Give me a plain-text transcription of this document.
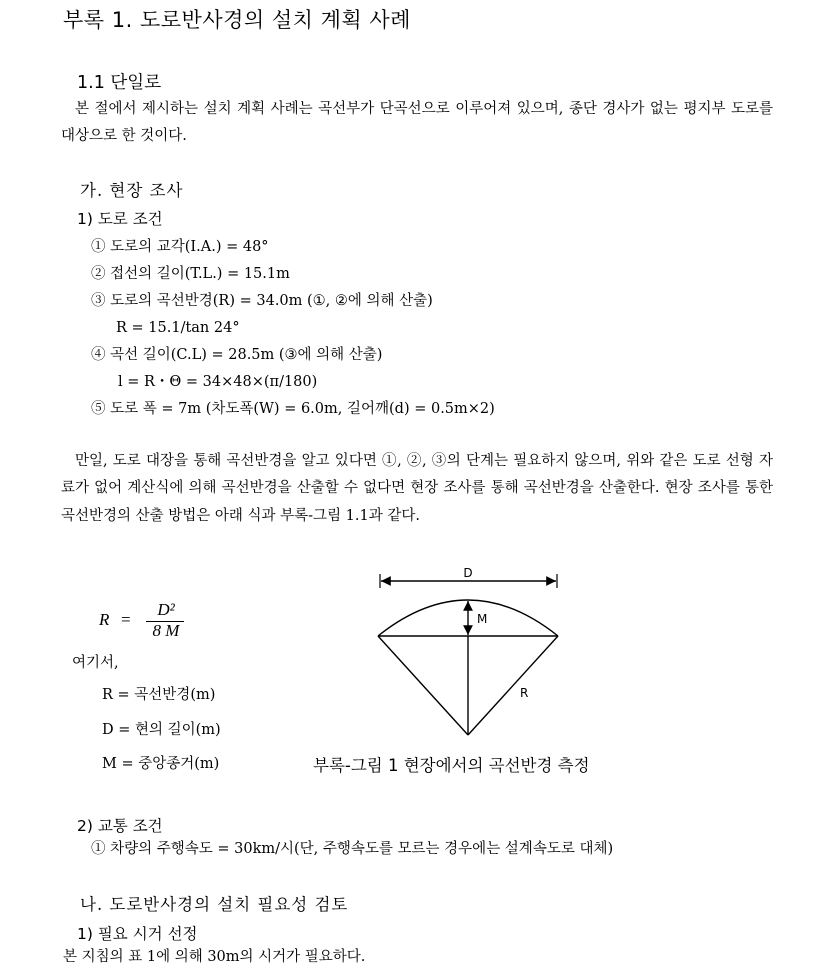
부록 1. 도로반사경의 설치 계획 사례
1.1 단일로
본 절에서 제시하는 설치 계획 사례는 곡선부가 단곡선으로 이루어져 있으며, 종단 경사가 없는 평지부 도로를 대상으로 한 것이다.
가. 현장 조사
1) 도로 조건
① 도로의 교각(I.A.) = 48°
② 접선의 길이(T.L.) = 15.1m
③ 도로의 곡선반경(R) = 34.0m (①, ②에 의해 산출)
R = 15.1/tan 24°
④ 곡선 길이(C.L) = 28.5m (③에 의해 산출)
l = R・Θ = 34×48×(π/180)
⑤ 도로 폭 = 7m (차도폭(W) = 6.0m, 길어깨(d) = 0.5m×2)
만일, 도로 대장을 통해 곡선반경을 알고 있다면 ①, ②, ③의 단계는 필요하지 않으며, 위와 같은 도로 선형 자료가 없어 계산식에 의해 곡선반경을 산출할 수 없다면 현장 조사를 통해 곡선반경을 산출한다. 현장 조사를 통한 곡선반경의 산출 방법은 아래 식과 부록-그림 1.1과 같다.
R =
D²
8 M
여기서,
R = 곡선반경(m)
D = 현의 길이(m)
M = 중앙종거(m)
D
M
R
부록-그림 1 현장에서의 곡선반경 측정
2) 교통 조건
① 차량의 주행속도 = 30km/시(단, 주행속도를 모르는 경우에는 설계속도로 대체)
나. 도로반사경의 설치 필요성 검토
1) 필요 시거 선정
본 지침의 표 1에 의해 30m의 시거가 필요하다.
